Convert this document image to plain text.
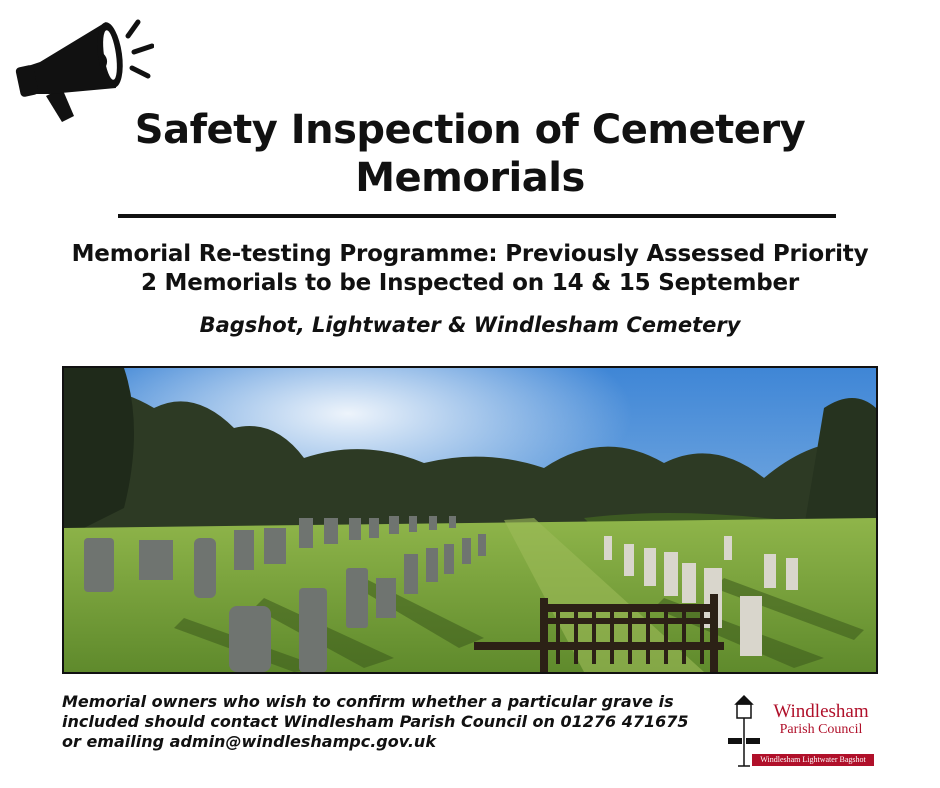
Safety Inspection of Cemetery
Memorials
Memorial Re-testing Programme: Previously Assessed Priority
2 Memorials to be Inspected on 14 & 15 September
Bagshot, Lightwater & Windlesham Cemetery
Memorial owners who wish to confirm whether a particular grave is
included should contact Windlesham Parish Council on 01276 471675
or emailing admin@windleshampc.gov.uk
Windlesham
Parish Council
Windlesham Lightwater Bagshot
